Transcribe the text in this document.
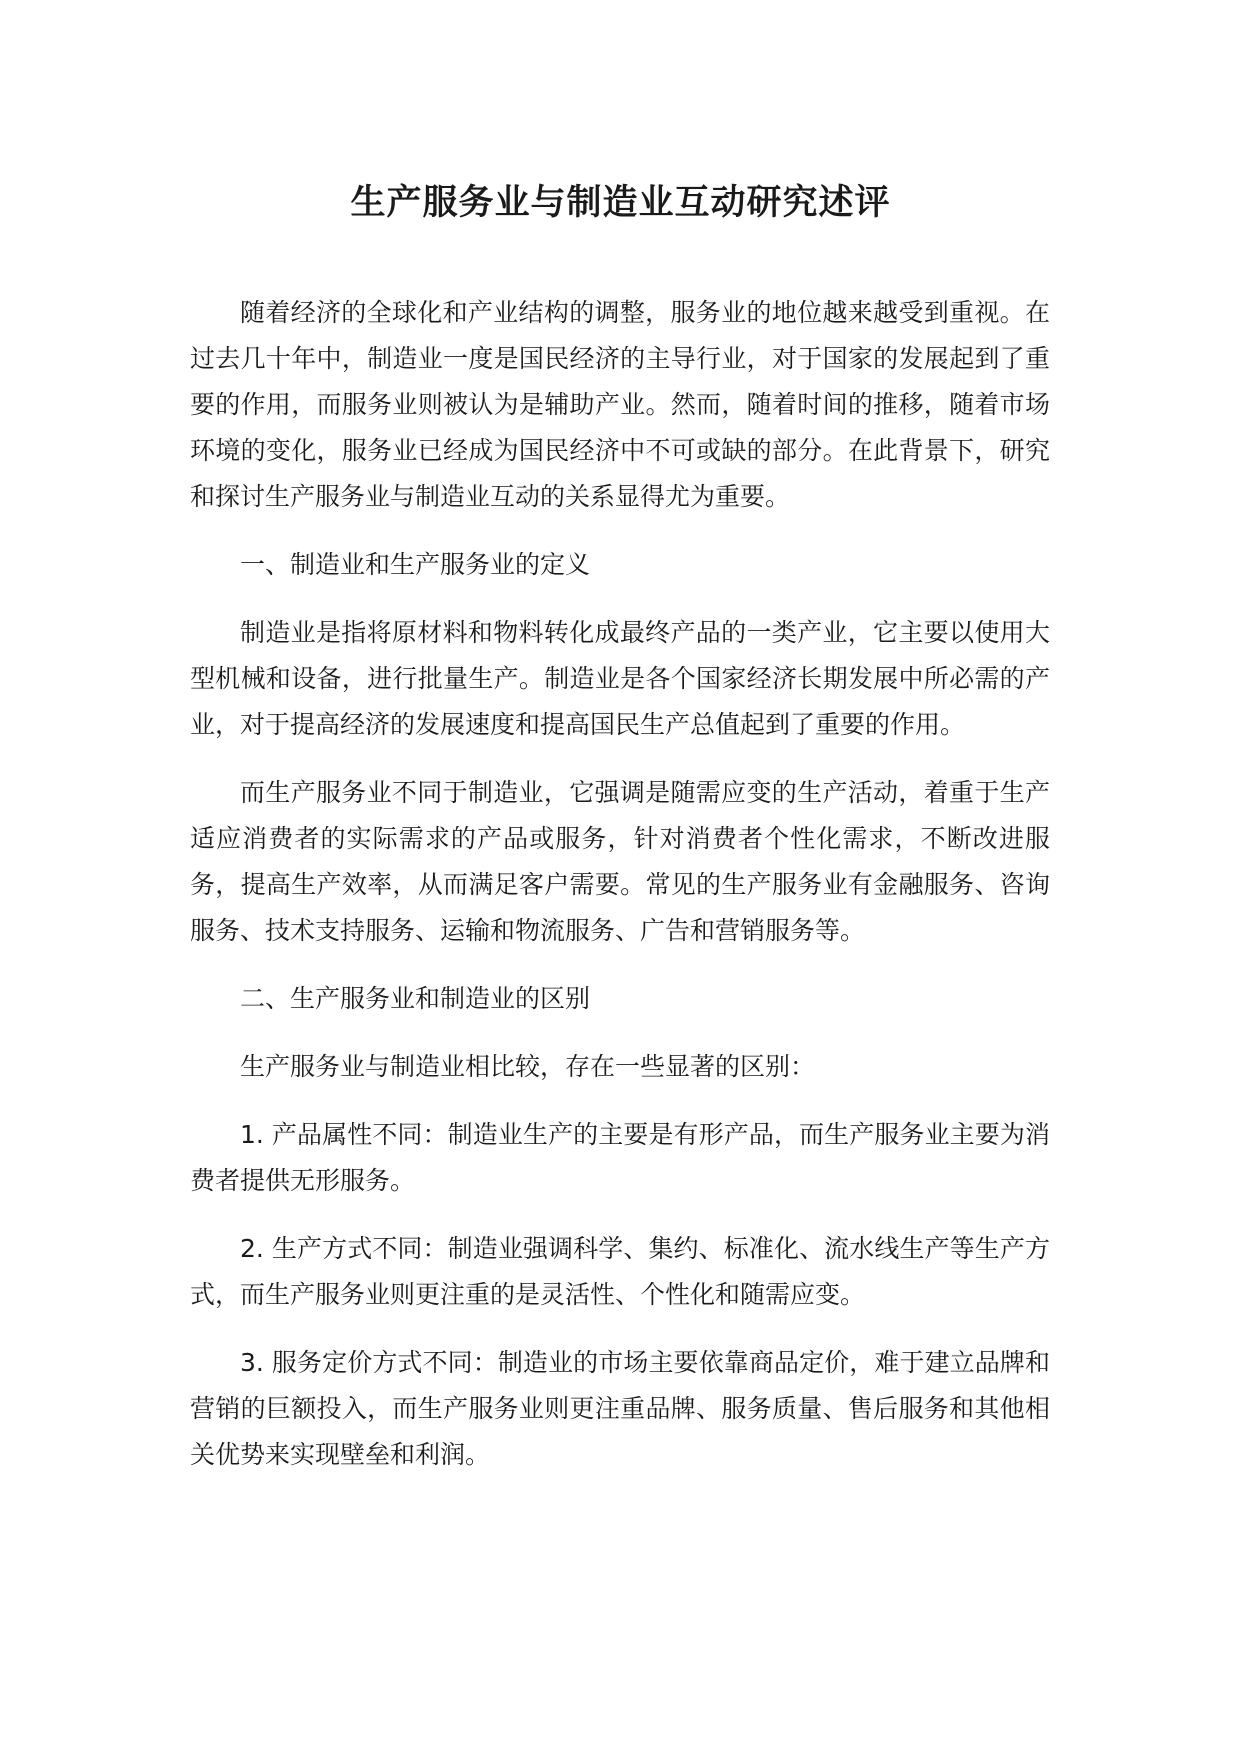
生产服务业与制造业互动研究述评

随着经济的全球化和产业结构的调整，服务业的地位越来越受到重视。在过去几十年中，制造业一度是国民经济的主导行业，对于国家的发展起到了重要的作用，而服务业则被认为是辅助产业。然而，随着时间的推移，随着市场环境的变化，服务业已经成为国民经济中不可或缺的部分。在此背景下，研究和探讨生产服务业与制造业互动的关系显得尤为重要。

一、制造业和生产服务业的定义

制造业是指将原材料和物料转化成最终产品的一类产业，它主要以使用大型机械和设备，进行批量生产。制造业是各个国家经济长期发展中所必需的产业，对于提高经济的发展速度和提高国民生产总值起到了重要的作用。

而生产服务业不同于制造业，它强调是随需应变的生产活动，着重于生产适应消费者的实际需求的产品或服务，针对消费者个性化需求，不断改进服务，提高生产效率，从而满足客户需要。常见的生产服务业有金融服务、咨询服务、技术支持服务、运输和物流服务、广告和营销服务等。

二、生产服务业和制造业的区别

生产服务业与制造业相比较，存在一些显著的区别：

1. 产品属性不同：制造业生产的主要是有形产品，而生产服务业主要为消费者提供无形服务。

2. 生产方式不同：制造业强调科学、集约、标准化、流水线生产等生产方式，而生产服务业则更注重的是灵活性、个性化和随需应变。

3. 服务定价方式不同：制造业的市场主要依靠商品定价，难于建立品牌和营销的巨额投入，而生产服务业则更注重品牌、服务质量、售后服务和其他相关优势来实现壁垒和利润。
